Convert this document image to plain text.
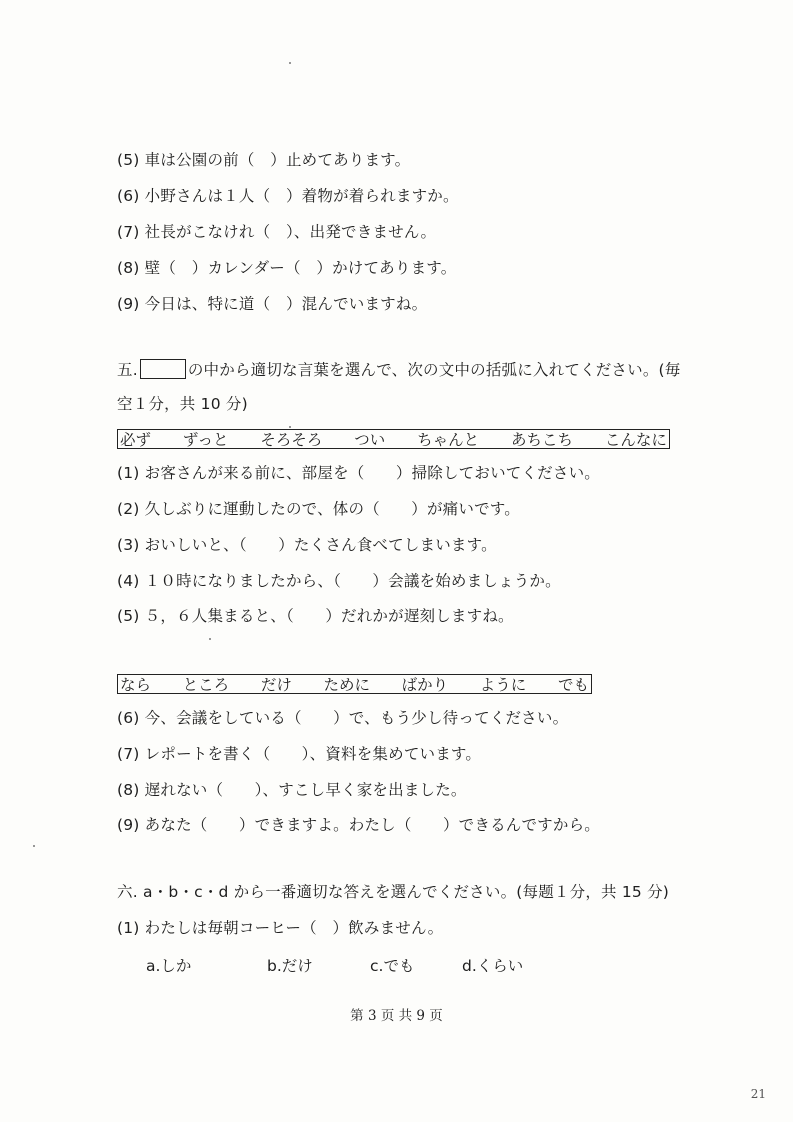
(5) 車は公園の前（　）止めてあります。
(6) 小野さんは１人（　）着物が着られますか。
(7) 社長がこなけれ（　）、出発できません。
(8) 壁（　）カレンダー（　）かけてあります。
(9) 今日は、特に道（　）混んでいますね。
五.	の中から適切な言葉を選んで、次の文中の括弧に入れてください。(毎
空１分，共 10 分)
必ず ずっと そろそろ つい ちゃんと あちこち こんなに
(1) お客さんが来る前に、部屋を（　　）掃除しておいてください。
(2) 久しぶりに運動したので、体の（　　）が痛いです。
(3) おいしいと、（　　）たくさん食べてしまいます。
(4) １０時になりましたから、（　　）会議を始めましょうか。
(5) ５，６人集まると、（　　）だれかが遅刻しますね。
なら ところ だけ ために ばかり ように でも
(6) 今、会議をしている（　　）で、もう少し待ってください。
(7) レポートを書く（　　）、資料を集めています。
(8) 遅れない（　　）、すこし早く家を出ました。
(9) あなた（　　）できますよ。わたし（　　）できるんですから。
六. a・b・c・d から一番適切な答えを選んでください。(每题１分，共 15 分)
(1) わたしは毎朝コーヒー（　）飲みません。
a.しか	b.だけ	c.でも	d.くらい
第 3 页 共 9 页
21
